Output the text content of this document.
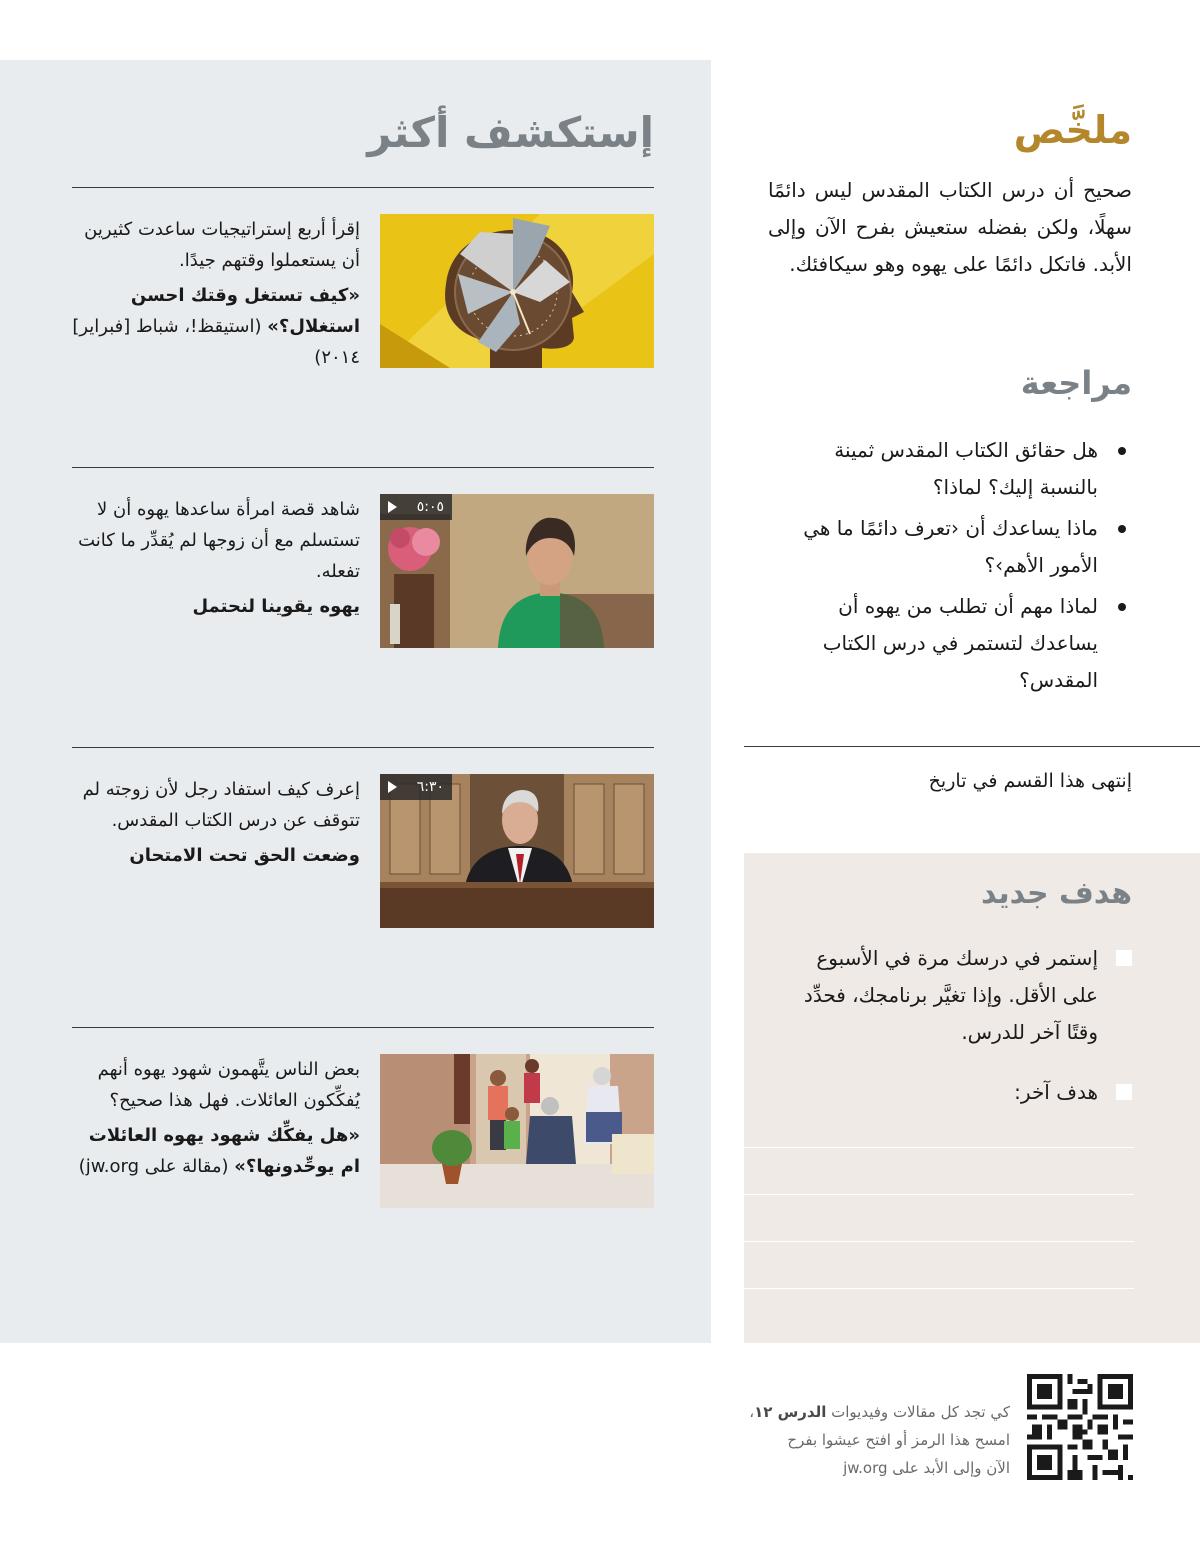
إستكشف أكثر
إقرأ أربع إستراتيجيات ساعدت كثيرين أن يستعملوا وقتهم جيدًا.
«كيف تستغل وقتك احسن استغلال؟» (استيقظ!، شباط [فبراير] ٢٠١٤)
٥:٠٥
شاهد قصة امرأة ساعدها يهوه أن لا تستسلم مع أن زوجها لم يُقدِّر ما كانت تفعله.
يهوه يقوينا لنحتمل
٦:٣٠
إعرف كيف استفاد رجل لأن زوجته لم تتوقف عن درس الكتاب المقدس.
وضعت الحق تحت الامتحان
بعض الناس يتَّهمون شهود يهوه أنهم يُفكِّكون العائلات. فهل هذا صحيح؟
«هل يفكِّك شهود يهوه العائلات ام يوحِّدونها؟» (مقالة على jw.org)
ملخَّص

صحيح أن درس الكتاب المقدس ليس دائمًا سهلًا، ولكن بفضله ستعيش بفرح الآن وإلى الأبد. فاتكل دائمًا على يهوه وهو سيكافئك.

مراجعة
هل حقائق الكتاب المقدس ثمينة بالنسبة إليك؟ لماذا؟
ماذا يساعدك أن ‹تعرف دائمًا ما هي الأمور الأهم›؟
لماذا مهم أن تطلب من يهوه أن يساعدك لتستمر في درس الكتاب المقدس؟
إنتهى هذا القسم في تاريخ
هدف جديد
إستمر في درسك مرة في الأسبوع على الأقل. وإذا تغيَّر برنامجك، فحدِّد وقتًا آخر للدرس.
هدف آخر:
كي تجد كل مقالات وفيديوات الدرس ١٢،
امسح هذا الرمز أو افتح عيشوا بفرح
الآن وإلى الأبد على jw.org
